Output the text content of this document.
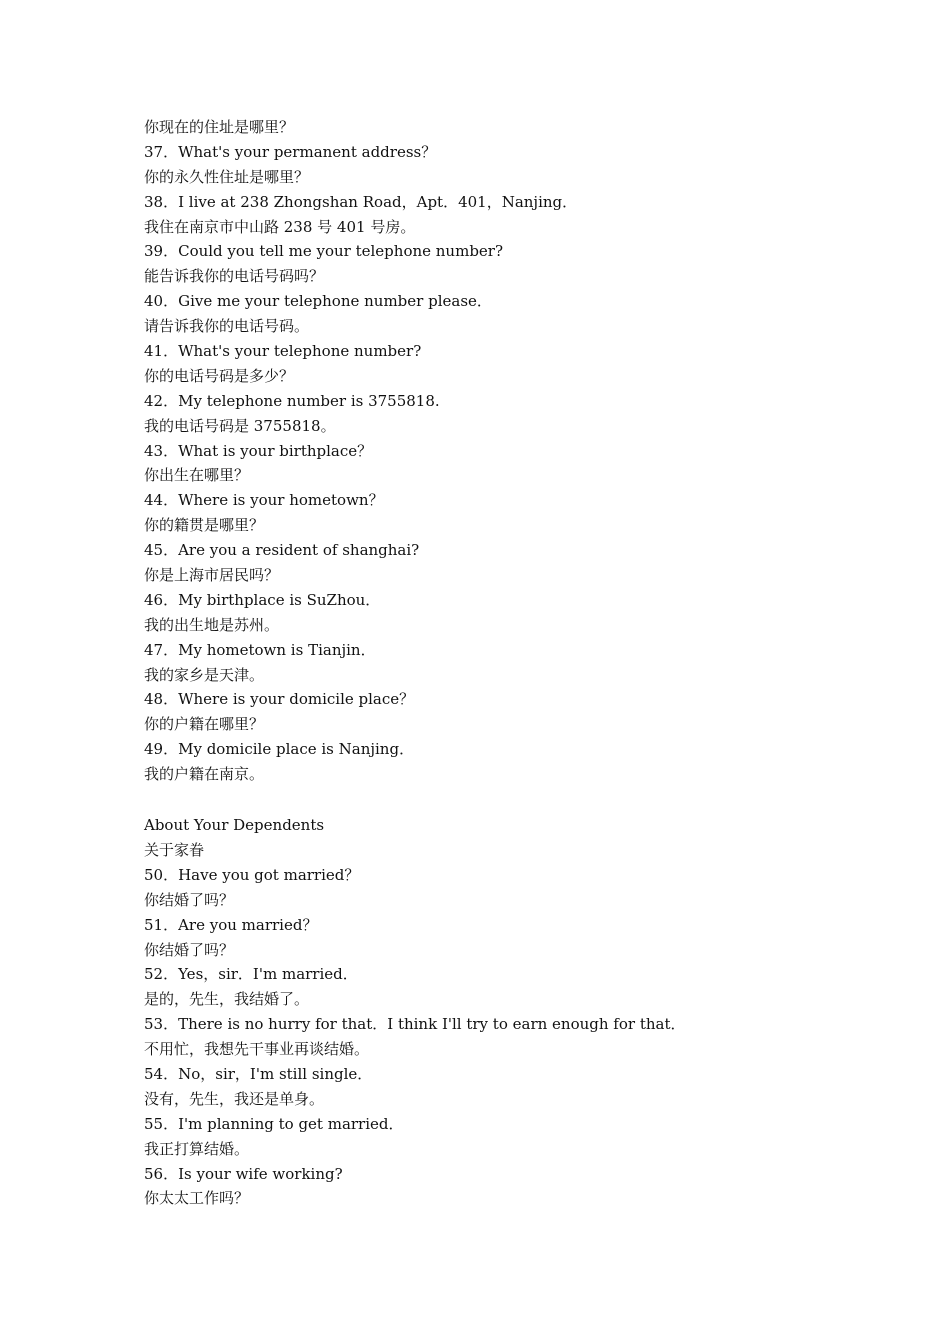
你现在的住址是哪里？
37．What's your permanent address？
你的永久性住址是哪里？
38．I live at 238 Zhongshan Road，Apt．401，Nanjing．
我住在南京市中山路 238 号 401 号房。
39．Could you tell me your telephone number?
能告诉我你的电话号码吗？
40．Give me your telephone number please．
请告诉我你的电话号码。
41．What's your telephone number?
你的电话号码是多少？
42．My telephone number is 3755818.
我的电话号码是 3755818。
43．What is your birthplace？
你出生在哪里？
44．Where is your hometown？
你的籍贯是哪里？
45．Are you a resident of shanghai?
你是上海市居民吗？
46．My birthplace is SuZhou．
我的出生地是苏州。
47．My hometown is Tianjin．
我的家乡是天津。
48．Where is your domicile place？
你的户籍在哪里？
49．My domicile place is Nanjing．
我的户籍在南京。
About Your Dependents
关于家眷
50．Have you got married？
你结婚了吗？
51．Are you married？
你结婚了吗？
52．Yes，sir．I'm married．
是的，先生，我结婚了。
53．There is no hurry for that．I think I'll try to earn enough for that．
不用忙，我想先干事业再谈结婚。
54．No，sir，I'm still single．
没有，先生，我还是单身。
55．I'm planning to get married．
我正打算结婚。
56．Is your wife working?
你太太工作吗？
